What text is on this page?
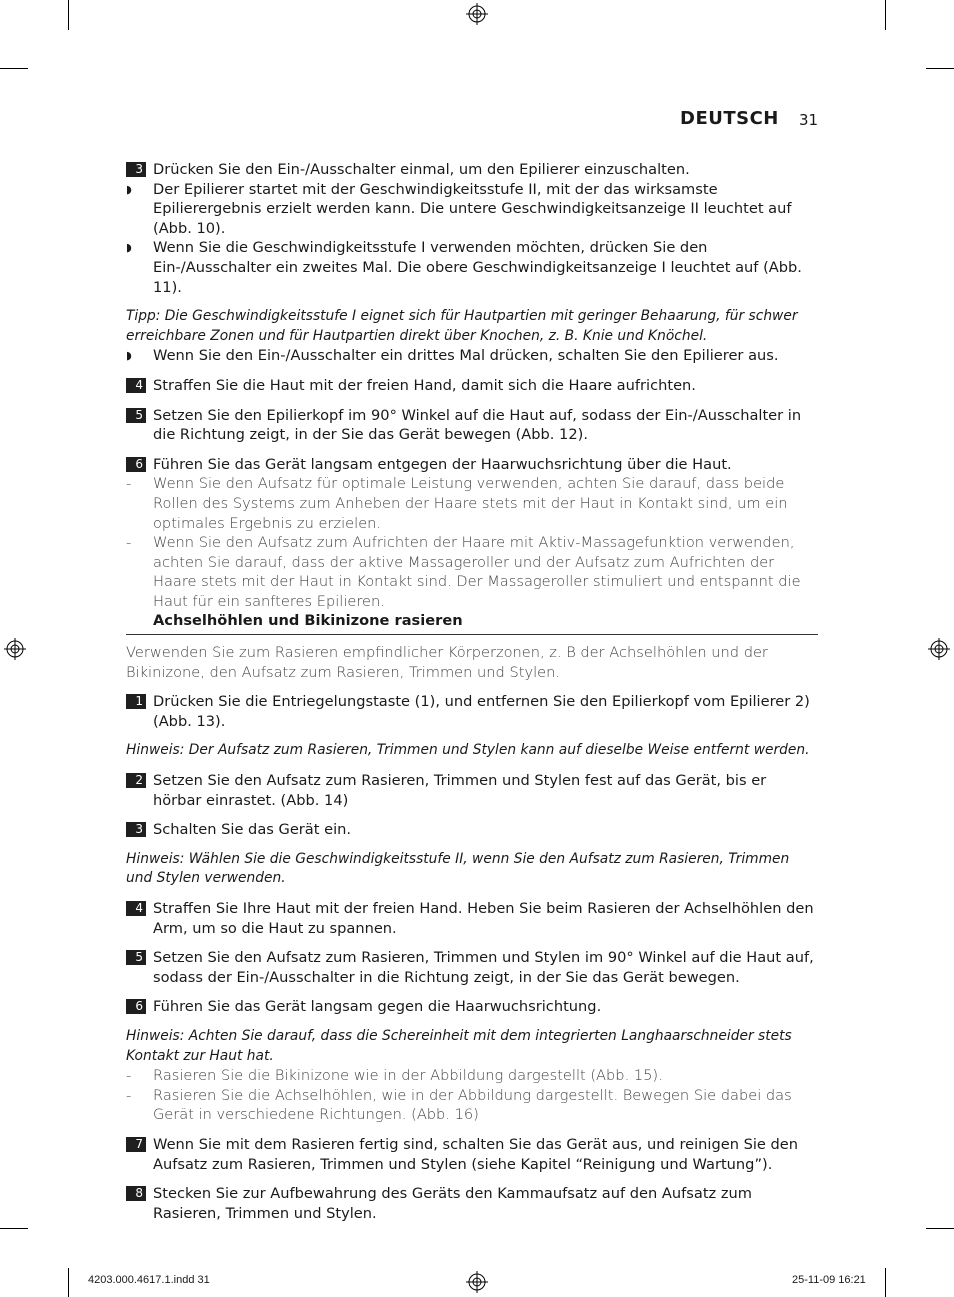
DEUTSCH 31
3 Drücken Sie den Ein-/Ausschalter einmal, um den Epilierer einzuschalten.
◗ Der Epilierer startet mit der Geschwindigkeitsstufe II, mit der das wirksamste Epilierergebnis erzielt werden kann. Die untere Geschwindigkeitsanzeige II leuchtet auf (Abb. 10).
◗ Wenn Sie die Geschwindigkeitsstufe I verwenden möchten, drücken Sie den Ein-/Ausschalter ein zweites Mal. Die obere Geschwindigkeitsanzeige I leuchtet auf (Abb. 11).
Tipp: Die Geschwindigkeitsstufe I eignet sich für Hautpartien mit geringer Behaarung, für schwer erreichbare Zonen und für Hautpartien direkt über Knochen, z. B. Knie und Knöchel.
◗ Wenn Sie den Ein-/Ausschalter ein drittes Mal drücken, schalten Sie den Epilierer aus.
4 Straffen Sie die Haut mit der freien Hand, damit sich die Haare aufrichten.
5 Setzen Sie den Epilierkopf im 90° Winkel auf die Haut auf, sodass der Ein-/Ausschalter in die Richtung zeigt, in der Sie das Gerät bewegen (Abb. 12).
6 Führen Sie das Gerät langsam entgegen der Haarwuchsrichtung über die Haut.
- Wenn Sie den Aufsatz für optimale Leistung verwenden, achten Sie darauf, dass beide Rollen des Systems zum Anheben der Haare stets mit der Haut in Kontakt sind, um ein optimales Ergebnis zu erzielen.
- Wenn Sie den Aufsatz zum Aufrichten der Haare mit Aktiv-Massagefunktion verwenden, achten Sie darauf, dass der aktive Massageroller und der Aufsatz zum Aufrichten der Haare stets mit der Haut in Kontakt sind. Der Massageroller stimuliert und entspannt die Haut für ein sanfteres Epilieren.
Achselhöhlen und Bikinizone rasieren
Verwenden Sie zum Rasieren empfindlicher Körperzonen, z. B der Achselhöhlen und der Bikinizone, den Aufsatz zum Rasieren, Trimmen und Stylen.
1 Drücken Sie die Entriegelungstaste (1), und entfernen Sie den Epilierkopf vom Epilierer 2) (Abb. 13).
Hinweis: Der Aufsatz zum Rasieren, Trimmen und Stylen kann auf dieselbe Weise entfernt werden.
2 Setzen Sie den Aufsatz zum Rasieren, Trimmen und Stylen fest auf das Gerät, bis er hörbar einrastet. (Abb. 14)
3 Schalten Sie das Gerät ein.
Hinweis: Wählen Sie die Geschwindigkeitsstufe II, wenn Sie den Aufsatz zum Rasieren, Trimmen und Stylen verwenden.
4 Straffen Sie Ihre Haut mit der freien Hand. Heben Sie beim Rasieren der Achselhöhlen den Arm, um so die Haut zu spannen.
5 Setzen Sie den Aufsatz zum Rasieren, Trimmen und Stylen im 90° Winkel auf die Haut auf, sodass der Ein-/Ausschalter in die Richtung zeigt, in der Sie das Gerät bewegen.
6 Führen Sie das Gerät langsam gegen die Haarwuchsrichtung.
Hinweis: Achten Sie darauf, dass die Schereinheit mit dem integrierten Langhaarschneider stets Kontakt zur Haut hat.
- Rasieren Sie die Bikinizone wie in der Abbildung dargestellt (Abb. 15).
- Rasieren Sie die Achselhöhlen, wie in der Abbildung dargestellt. Bewegen Sie dabei das Gerät in verschiedene Richtungen. (Abb. 16)
7 Wenn Sie mit dem Rasieren fertig sind, schalten Sie das Gerät aus, und reinigen Sie den Aufsatz zum Rasieren, Trimmen und Stylen (siehe Kapitel “Reinigung und Wartung”).
8 Stecken Sie zur Aufbewahrung des Geräts den Kammaufsatz auf den Aufsatz zum Rasieren, Trimmen und Stylen.
4203.000.4617.1.indd 31	25-11-09 16:21
